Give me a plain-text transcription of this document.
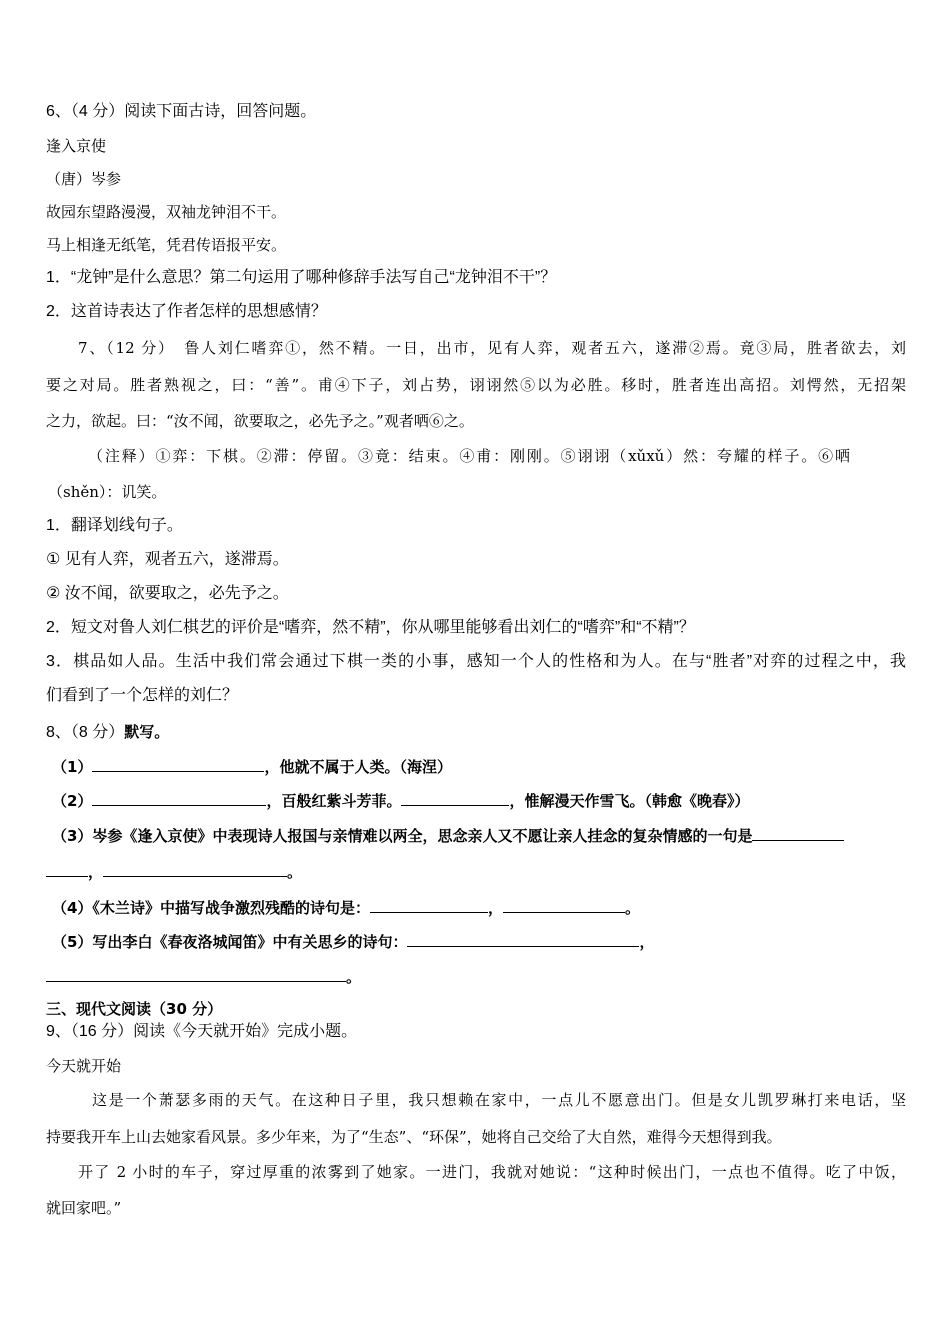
6、（4 分）阅读下面古诗，回答问题。
逢入京使
（唐）岑参
故园东望路漫漫，双袖龙钟泪不干。
马上相逢无纸笔，凭君传语报平安。
1．“龙钟”是什么意思？第二句运用了哪种修辞手法写自己“龙钟泪不干”？
2．这首诗表达了作者怎样的思想感情？
7、（12 分）　鲁人刘仁嗜弈①，然不精。一日，出市，见有人弈，观者五六，遂滞②焉。竟③局，胜者欲去，刘
要之对局。胜者熟视之，曰：“善”。甫④下子，刘占势，诩诩然⑤以为必胜。移时，胜者连出高招。刘愕然，无招架
之力，欲起。曰：“汝不闻，欲要取之，必先予之。”观者哂⑥之。
（注释）①弈：下棋。②滞：停留。③竟：结束。④甫：刚刚。⑤诩诩（xǔxǔ）然：夸耀的样子。⑥哂
（shěn）：讥笑。
1．翻译划线句子。
① 见有人弈，观者五六，遂滞焉。
② 汝不闻，欲要取之，必先予之。
2．短文对鲁人刘仁棋艺的评价是“嗜弈，然不精”，你从哪里能够看出刘仁的“嗜弈”和“不精”？
3．棋品如人品。生活中我们常会通过下棋一类的小事，感知一个人的性格和为人。在与“胜者”对弈的过程之中，我
们看到了一个怎样的刘仁？
8、（8 分）默写。
（1）	，他就不属于人类。（海涅）
（2）	，百般红紫斗芳菲。	，惟解漫天作雪飞。（韩愈《晚春》）
（3）岑参《逢入京使》中表现诗人报国与亲情难以两全，思念亲人又不愿让亲人挂念的复杂情感的一句是
，	。
（4）《木兰诗》中描写战争激烈残酷的诗句是：	，	。
（5）写出李白《春夜洛城闻笛》中有关思乡的诗句：	，
。
三、现代文阅读（30 分）
9、（16 分）阅读《今天就开始》完成小题。
今天就开始
这是一个萧瑟多雨的天气。在这种日子里，我只想赖在家中，一点儿不愿意出门。但是女儿凯罗琳打来电话，坚
持要我开车上山去她家看风景。多少年来，为了“生态”、“环保”，她将自己交给了大自然，难得今天想得到我。
开了 2 小时的车子，穿过厚重的浓雾到了她家。一进门，我就对她说：“这种时候出门，一点也不值得。吃了中饭，
就回家吧。”
